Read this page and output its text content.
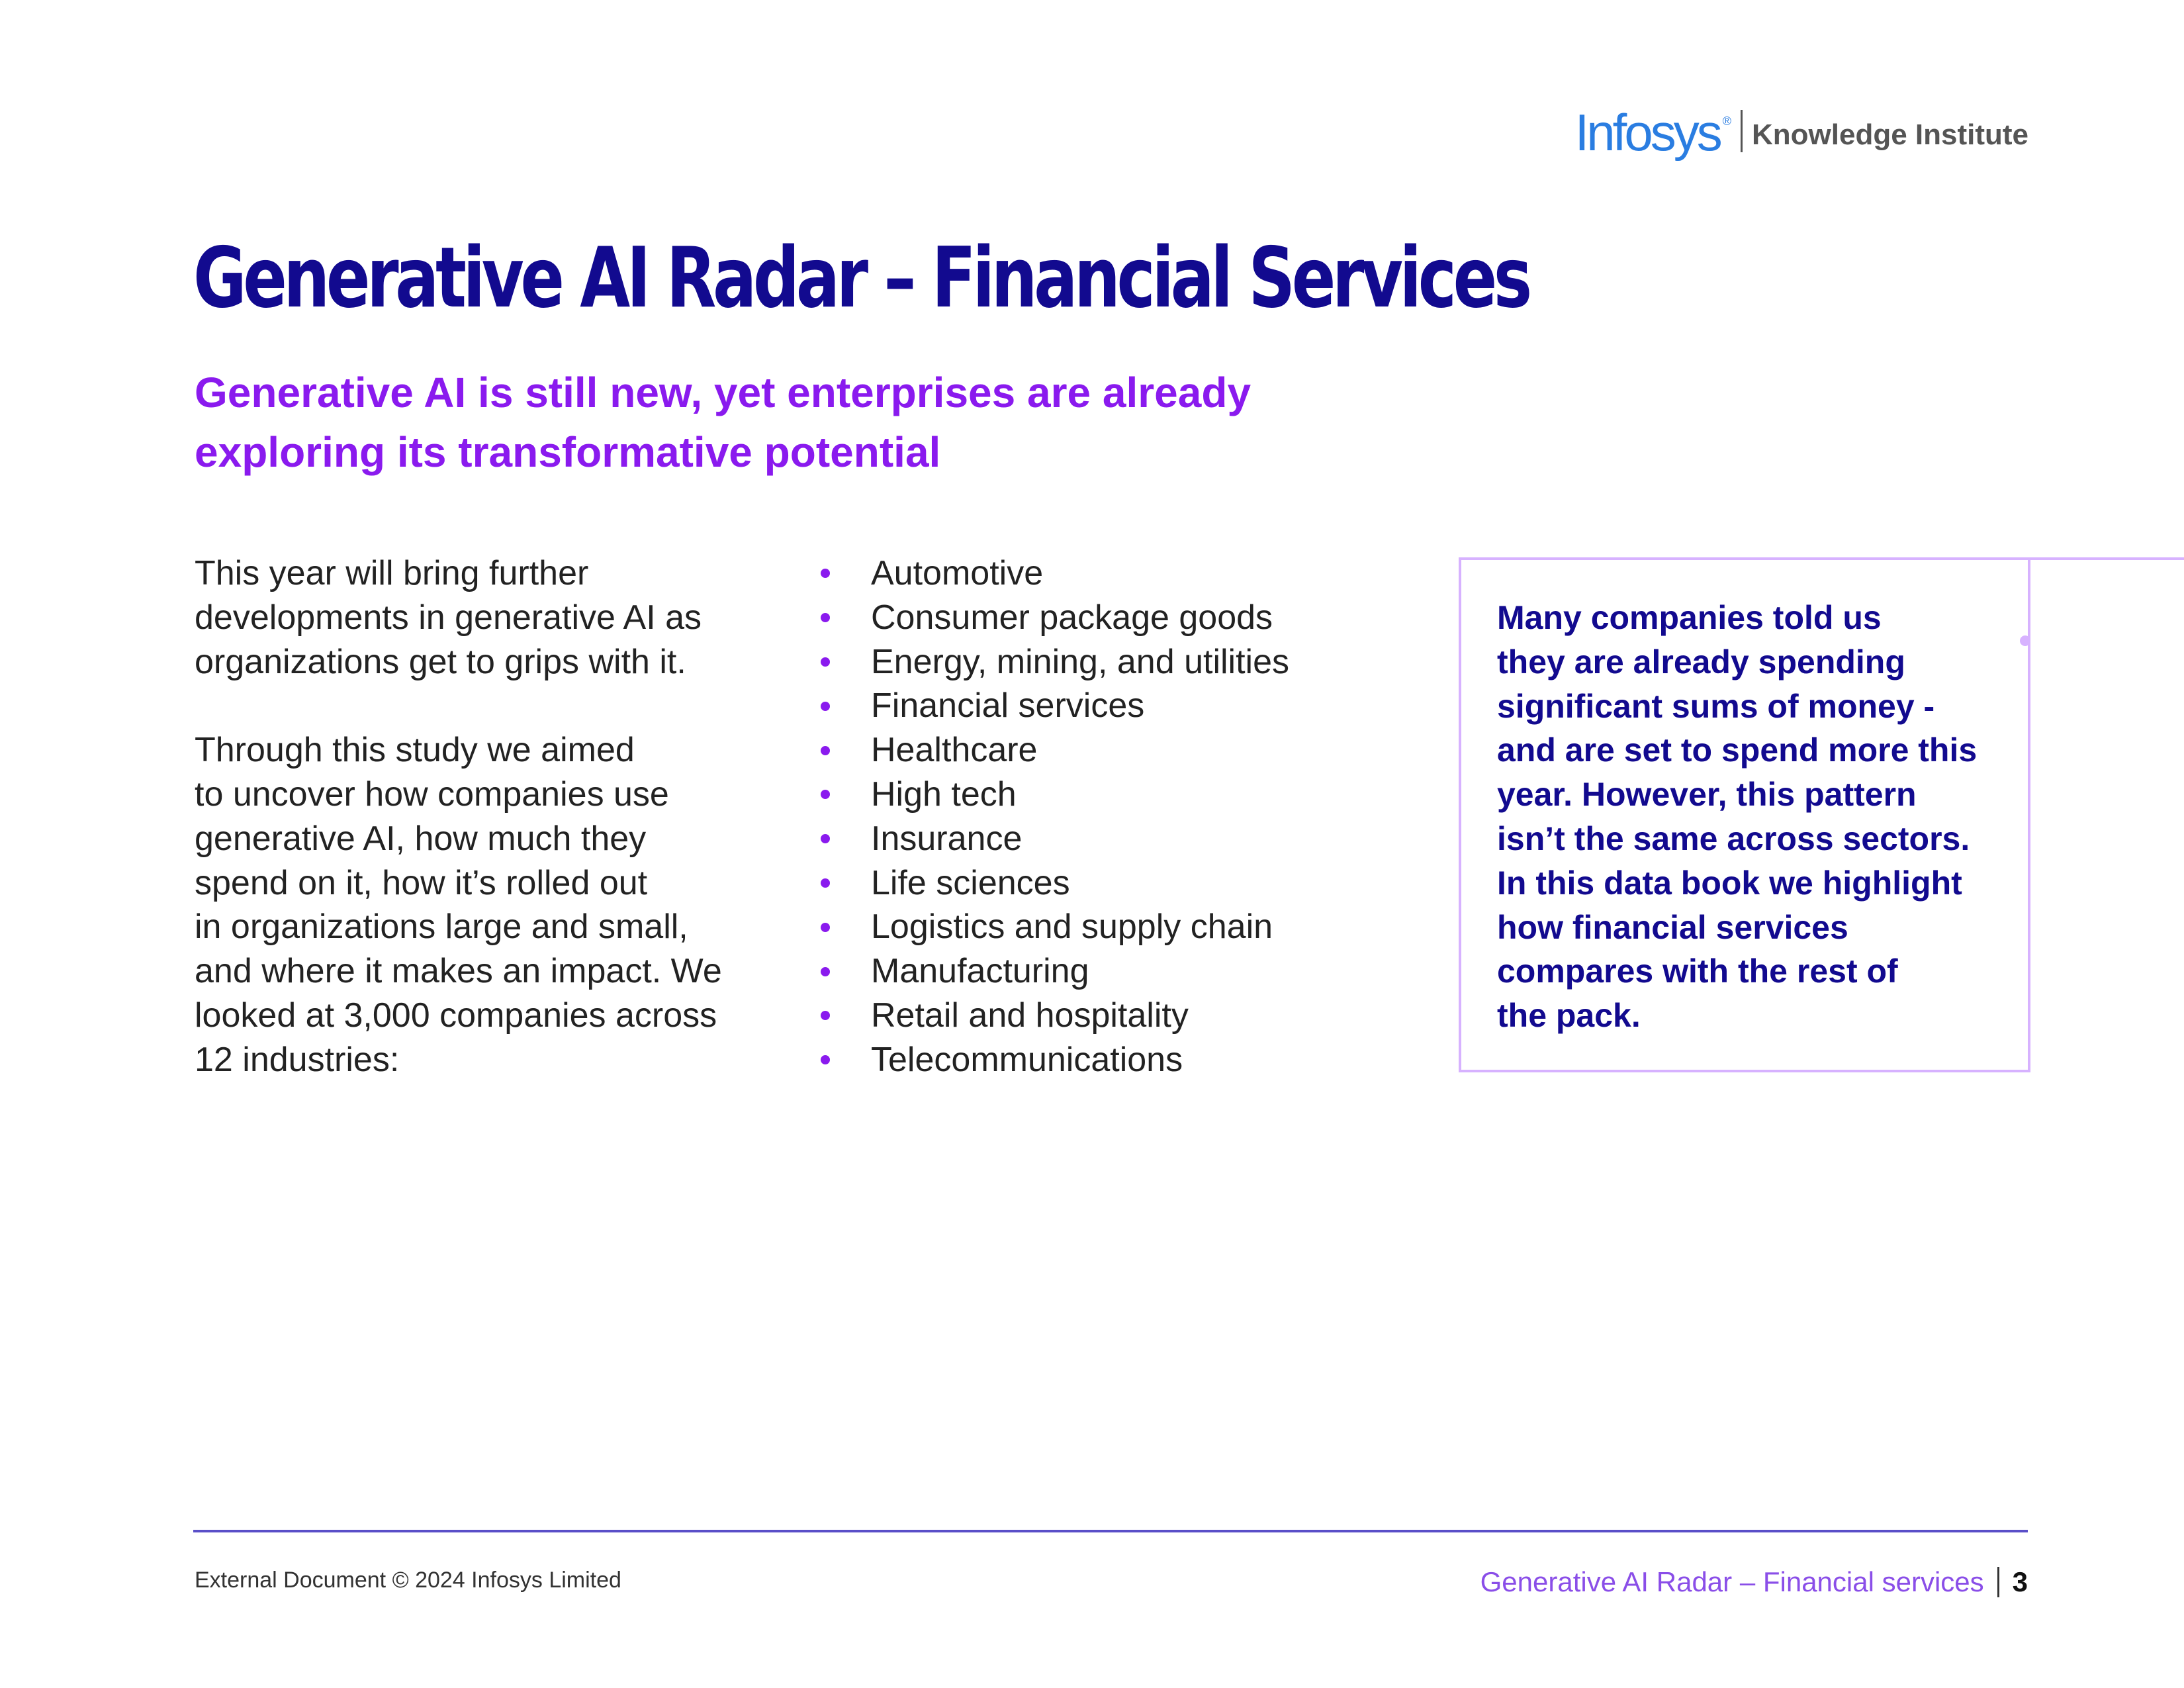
Infosys ® Knowledge Institute
Generative AI Radar – Financial Services
Generative AI is still new, yet enterprises are already
exploring its transformative potential

This year will bring further
developments in generative AI as
organizations get to grips with it.

Through this study we aimed
to uncover how companies use
generative AI, how much they
spend on it, how it’s rolled out
in organizations large and small,
and where it makes an impact. We
looked at 3,000 companies across
12 industries:

Automotive
Consumer package goods
Energy, mining, and utilities
Financial services
Healthcare
High tech
Insurance
Life sciences
Logistics and supply chain
Manufacturing
Retail and hospitality
Telecommunications

Many companies told us
they are already spending
significant sums of money -
and are set to spend more this
year. However, this pattern
isn’t the same across sectors.
In this data book we highlight
how financial services
compares with the rest of
the pack.

External Document © 2024 Infosys Limited	Generative AI Radar – Financial services 3
